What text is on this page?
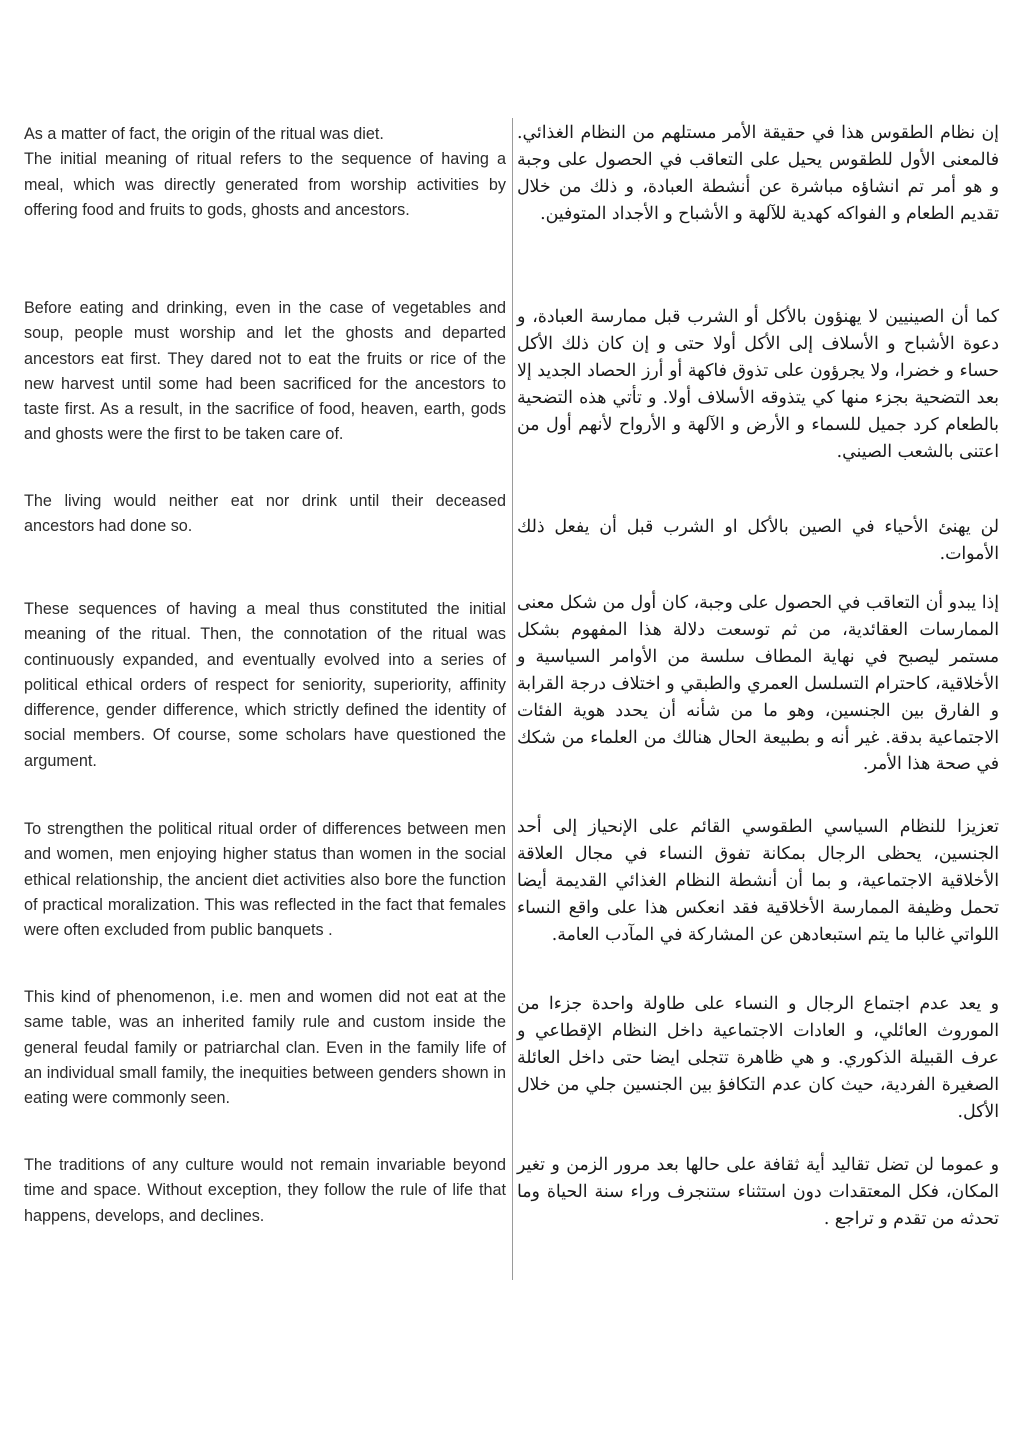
As a matter of fact, the origin of the ritual was diet.
The initial meaning of ritual refers to the sequence of having a meal, which was directly generated from worship activities by offering food and fruits to gods, ghosts and ancestors.

Before eating and drinking, even in the case of vegetables and soup, people must worship and let the ghosts and departed ancestors eat first. They dared not to eat the fruits or rice of the new harvest until some had been sacrificed for the ancestors to taste first. As a result, in the sacrifice of food, heaven, earth, gods and ghosts were the first to be taken care of.

The living would neither eat nor drink until their deceased ancestors had done so.

These sequences of having a meal thus constituted the initial meaning of the ritual. Then, the connotation of the ritual was continuously expanded, and eventually evolved into a series of political ethical orders of respect for seniority, superiority, affinity difference, gender difference, which strictly defined the identity of social members. Of course, some scholars have questioned the argument.

To strengthen the political ritual order of differences between men and women, men enjoying higher status than women in the social ethical relationship, the ancient diet activities also bore the function of practical moralization. This was reflected in the fact that females were often excluded from public banquets .

This kind of phenomenon, i.e. men and women did not eat at the same table, was an inherited family rule and custom inside the general feudal family or patriarchal clan. Even in the family life of an individual small family, the inequities between genders shown in eating were commonly seen.

The traditions of any culture would not remain invariable beyond time and space. Without exception, they follow the rule of life that happens, develops, and declines.

إن نظام الطقوس هذا في حقيقة الأمر مستلهم من النظام الغذائي. فالمعنى الأول للطقوس يحيل على التعاقب في الحصول على وجبة و هو أمر تم انشاؤه مباشرة عن أنشطة العبادة، و ذلك من خلال تقديم الطعام و الفواكه كهدية للآلهة و الأشباح و الأجداد المتوفين.

كما أن الصينيين لا يهنؤون بالأكل أو الشرب قبل ممارسة العبادة، و دعوة الأشباح و الأسلاف إلى الأكل أولا حتى و إن كان ذلك الأكل حساء و خضرا، ولا يجرؤون على تذوق فاكهة أو أرز الحصاد الجديد إلا بعد التضحية بجزء منها كي يتذوقه الأسلاف أولا. و تأتي هذه التضحية بالطعام كرد جميل للسماء و الأرض و الآلهة و الأرواح لأنهم أول من اعتنى بالشعب الصيني.

لن يهنئ الأحياء في الصين بالأكل او الشرب قبل أن يفعل ذلك الأموات.

إذا يبدو أن التعاقب في الحصول على وجبة، كان أول من شكل معنى الممارسات العقائدية، من ثم توسعت دلالة هذا المفهوم بشكل مستمر ليصبح في نهاية المطاف سلسة من الأوامر السياسية و الأخلاقية، كاحترام التسلسل العمري والطبقي و اختلاف درجة القرابة و الفارق بين الجنسين، وهو ما من شأنه أن يحدد هوية الفئات الاجتماعية بدقة. غير أنه و بطبيعة الحال هنالك من العلماء من شكك في صحة هذا الأمر.

تعزيزا للنظام السياسي الطقوسي القائم على الإنحياز إلى أحد الجنسين، يحظى الرجال بمكانة تفوق النساء في مجال العلاقة الأخلاقية الاجتماعية، و بما أن أنشطة النظام الغذائي القديمة أيضا تحمل وظيفة الممارسة الأخلاقية فقد انعكس هذا على واقع النساء اللواتي غالبا ما يتم استبعادهن عن المشاركة في المآدب العامة.

و يعد عدم اجتماع الرجال و النساء على طاولة واحدة جزءا من الموروث العائلي، و العادات الاجتماعية داخل النظام الإقطاعي و عرف القبيلة الذكوري. و هي ظاهرة تتجلى ايضا حتى داخل العائلة الصغيرة الفردية، حيث كان عدم التكافؤ بين الجنسين جلي من خلال الأكل.

و عموما لن تضل تقاليد أية ثقافة على حالها بعد مرور الزمن و تغير المكان، فكل المعتقدات دون استثناء ستنجرف وراء سنة الحياة وما تحدثه من تقدم و تراجع .
